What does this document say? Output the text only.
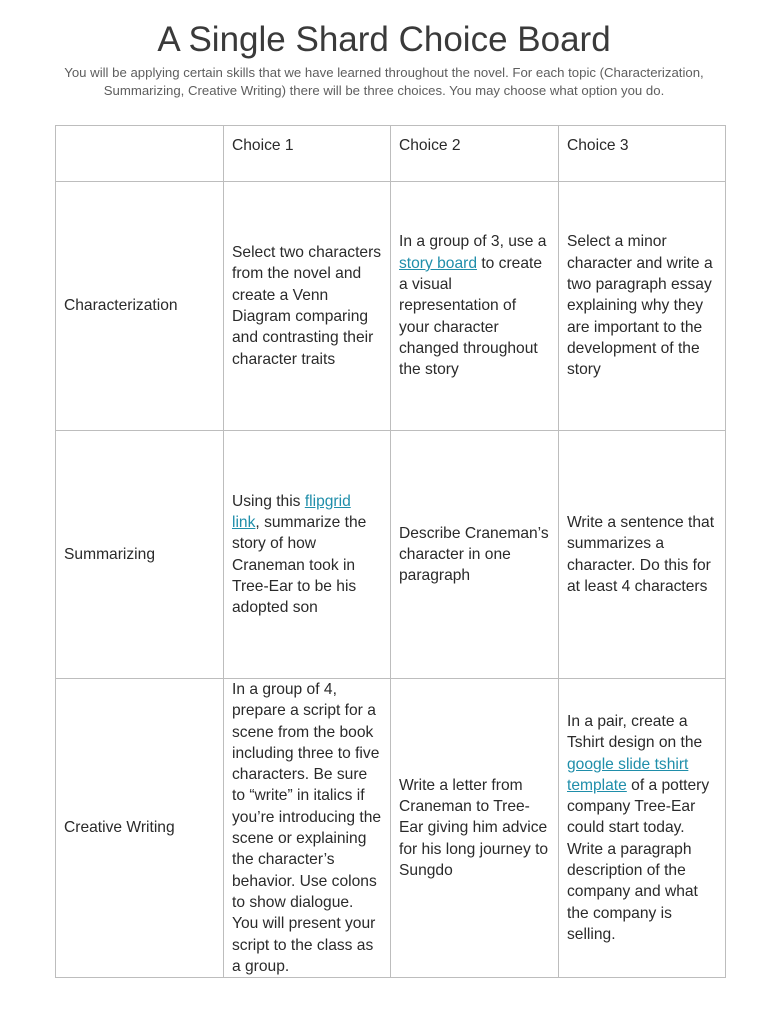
A Single Shard Choice Board
You will be applying certain skills that we have learned throughout the novel. For each topic (Characterization, Summarizing, Creative Writing) there will be three choices. You may choose what option you do.
	Choice 1	Choice 2	Choice 3
Characterization	Select two characters from the novel and create a Venn Diagram comparing and contrasting their character traits	In a group of 3, use a story board to create a visual representation of your character changed throughout the story	Select a minor character and write a two paragraph essay explaining why they are important to the development of the story
Summarizing	Using this flipgrid link, summarize the story of how Craneman took in Tree-Ear to be his adopted son	Describe Craneman’s character in one paragraph	Write a sentence that summarizes a character. Do this for at least 4 characters
Creative Writing	In a group of 4, prepare a script for a scene from the book including three to five characters. Be sure to “write” in italics if you’re introducing the scene or explaining the character’s behavior. Use colons to show dialogue. You will present your script to the class as a group.	Write a letter from Craneman to Tree-Ear giving him advice for his long journey to Sungdo	In a pair, create a Tshirt design on the google slide tshirt template of a pottery company Tree-Ear could start today. Write a paragraph description of the company and what the company is selling.
